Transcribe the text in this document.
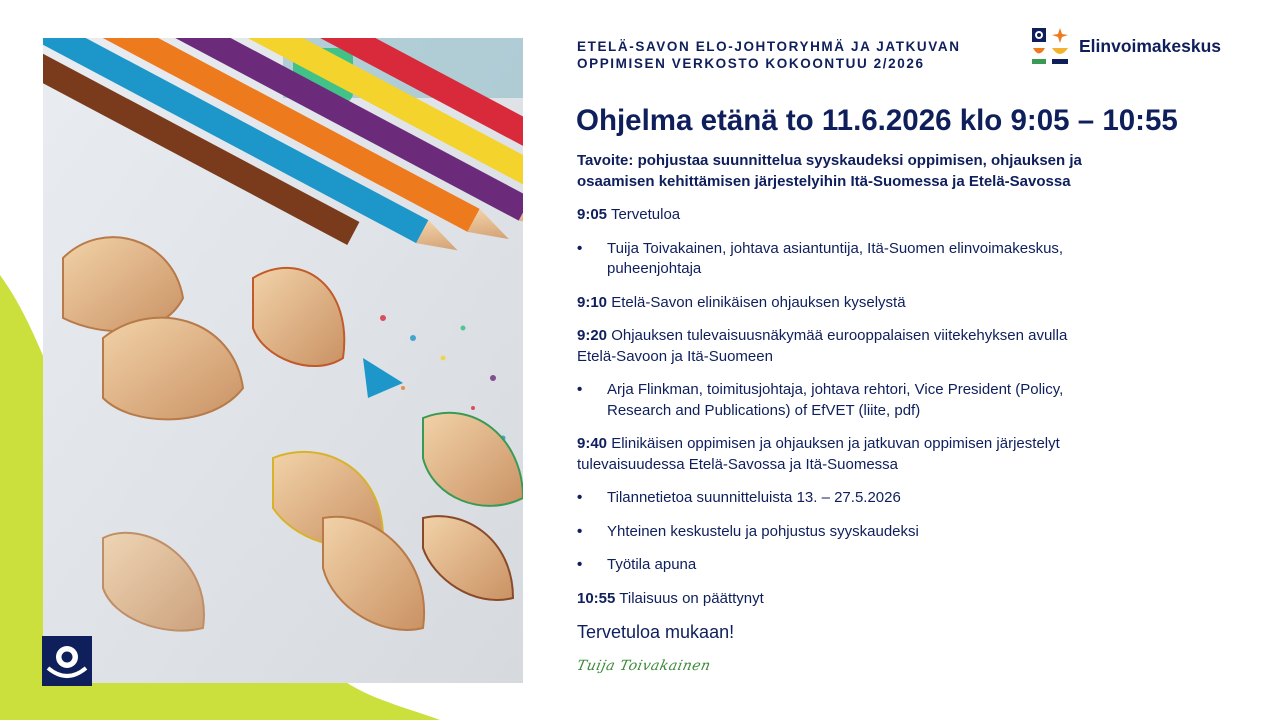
ETELÄ-SAVON ELO-JOHTORYHMÄ JA JATKUVAN
OPPIMISEN VERKOSTO KOKOONTUU 2/2026
Elinvoimakeskus
Ohjelma etänä to 11.6.2026 klo 9:05 – 10:55
Tavoite: pohjustaa suunnittelua syyskaudeksi oppimisen, ohjauksen ja
osaamisen kehittämisen järjestelyihin Itä-Suomessa ja Etelä-Savossa
9:05 Tervetuloa
• Tuija Toivakainen, johtava asiantuntija, Itä-Suomen elinvoimakeskus,
puheenjohtaja
9:10 Etelä-Savon elinikäisen ohjauksen kyselystä
9:20 Ohjauksen tulevaisuusnäkymää eurooppalaisen viitekehyksen avulla
Etelä-Savoon ja Itä-Suomeen
• Arja Flinkman, toimitusjohtaja, johtava rehtori, Vice President (Policy,
Research and Publications) of EfVET (liite, pdf)
9:40 Elinikäisen oppimisen ja ohjauksen ja jatkuvan oppimisen järjestelyt
tulevaisuudessa Etelä-Savossa ja Itä-Suomessa
• Tilannetietoa suunnitteluista 13. – 27.5.2026
• Yhteinen keskustelu ja pohjustus syyskaudeksi
• Työtila apuna
10:55 Tilaisuus on päättynyt
Tervetuloa mukaan!
Tuija Toivakainen
